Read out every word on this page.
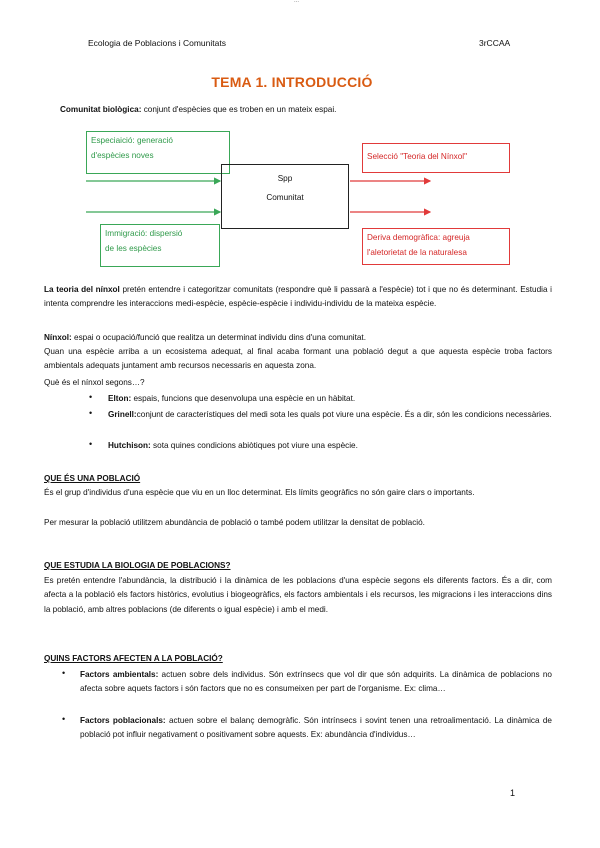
...
Ecologia de Poblacions i Comunitats	3rCCAA
TEMA 1. INTRODUCCIÓ

Comunitat biològica: conjunt d'espècies que es troben en un mateix espai.

Especiaició: generació
d'espècies noves
Immigració: dispersió
de les espècies
Spp
Comunitat
Selecció "Teoria del Nínxol"
Deriva demogràfica: agreuja
l'aletorietat de la naturalesa

La teoria del nínxol pretén entendre i categoritzar comunitats (respondre què li passarà a l'espècie) tot i que no és determinant. Estudia i intenta comprendre les interaccions medi-espècie, espècie-espècie i individu-individu de la mateixa espècie.

Nínxol: espai o ocupació/funció que realitza un determinat individu dins d'una comunitat.

Quan una espècie arriba a un ecosistema adequat, al final acaba formant una població degut a que aquesta espècie troba factors ambientals adequats juntament amb recursos necessaris en aquesta zona.

Què és el nínxol segons…?

• Elton: espais, funcions que desenvolupa una espècie en un hàbitat.

• Grinell:conjunt de característiques del medi sota les quals pot viure una espècie. És a dir, són les condicions necessàries.

• Hutchison: sota quines condicions abiòtiques pot viure una espècie.

QUE ÉS UNA POBLACIÓ

És el grup d'individus d'una espècie que viu en un lloc determinat. Els límits geogràfics no són gaire clars o importants.

Per mesurar la població utilitzem abundància de població o també podem utilitzar la densitat de població.

QUE ESTUDIA LA BIOLOGIA DE POBLACIONS?

Es pretén entendre l'abundància, la distribució i la dinàmica de les poblacions d'una espècie segons els diferents factors. És a dir, com afecta a la població els factors històrics, evolutius i biogeogràfics, els factors ambientals i els recursos, les migracions i les interaccions dins la població, amb altres poblacions (de diferents o igual espècie) i amb el medi.

QUINS FACTORS AFECTEN A LA POBLACIÓ?

• Factors ambientals: actuen sobre dels individus. Són extrínsecs que vol dir que són adquirits. La dinàmica de poblacions no afecta sobre aquets factors i són factors que no es consumeixen per part de l'organisme. Ex: clima…

• Factors poblacionals: actuen sobre el balanç demogràfic. Són intrínsecs i sovint tenen una retroalimentació. La dinàmica de població pot influir negativament o positivament sobre aquests. Ex: abundància d'individus…

1
